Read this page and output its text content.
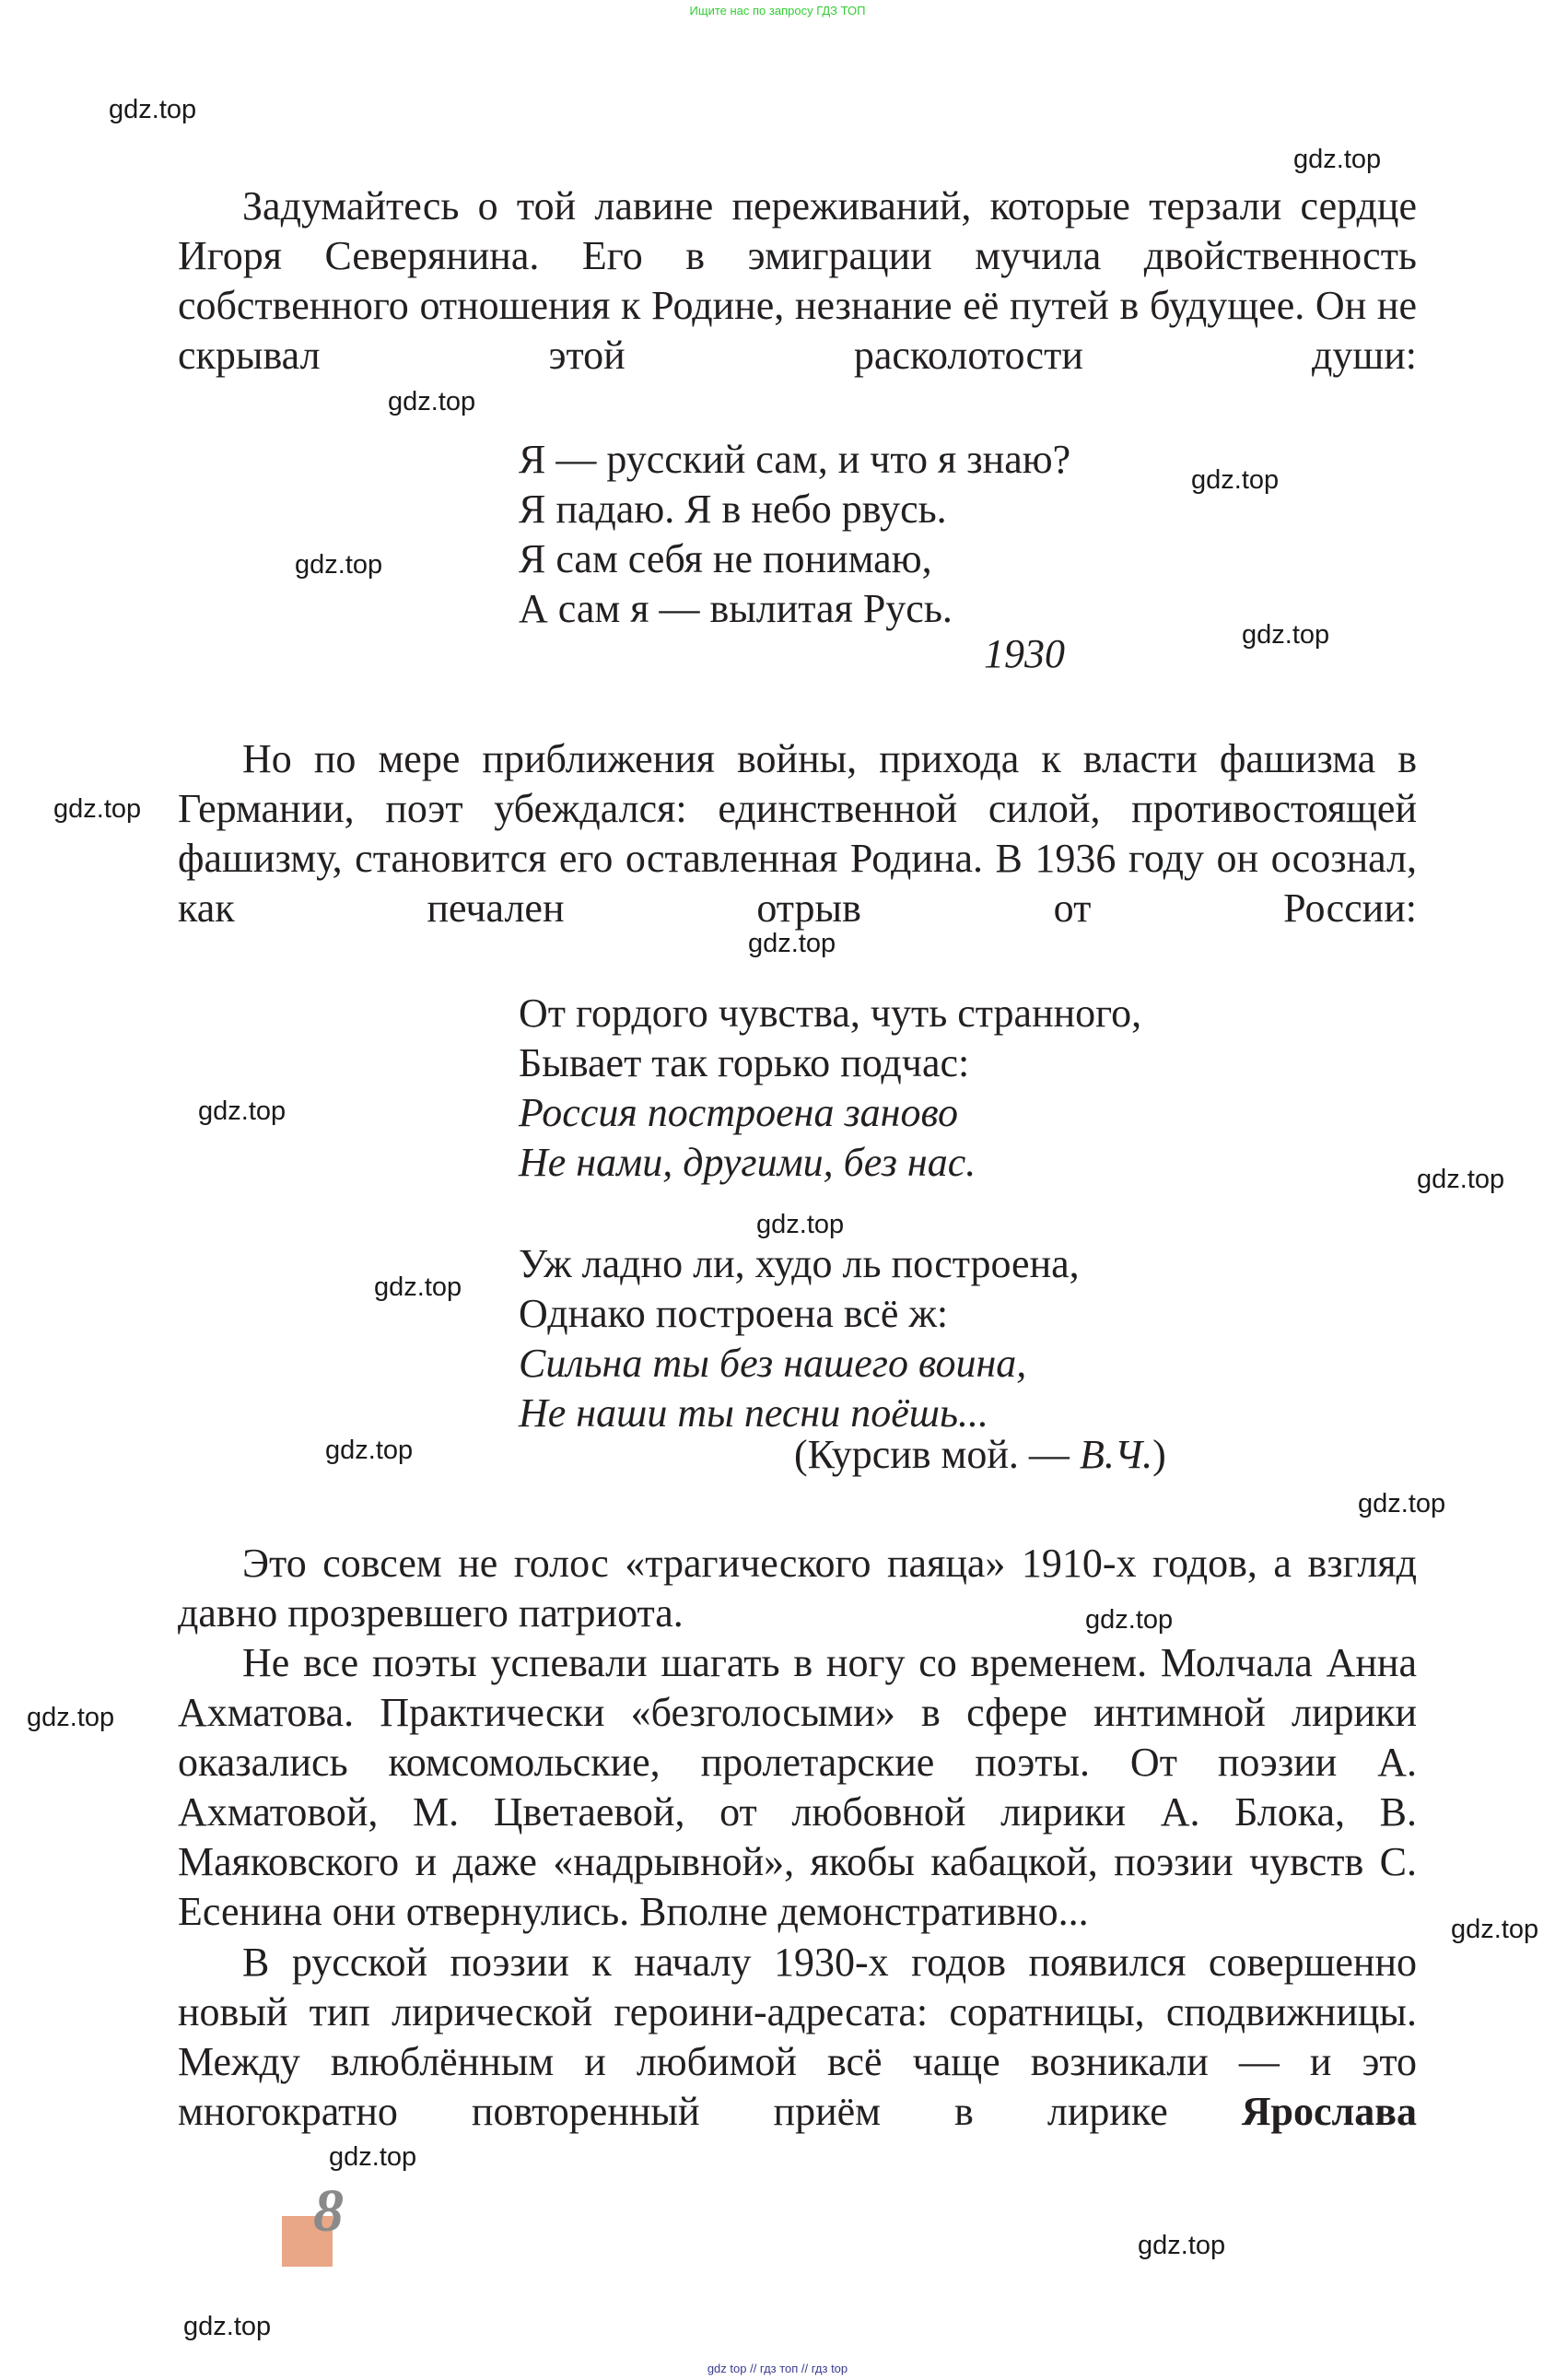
Ищите нас по запросу ГДЗ ТОП

Задумайтесь о той лавине переживаний, которые терзали сердце Игоря Северянина. Его в эмиграции мучила двойственность собственного отношения к Родине, незнание её путей в будущее. Он не скрывал этой расколотости души:

Я — русский сам, и что я знаю?
Я падаю. Я в небо рвусь.
Я сам себя не понимаю,
А сам я — вылитая Русь.
1930

Но по мере приближения войны, прихода к власти фашизма в Германии, поэт убеждался: единственной силой, противостоящей фашизму, становится его оставленная Родина. В 1936 году он осознал, как печален отрыв от России:

От гордого чувства, чуть странного,
Бывает так горько подчас:
Россия построена заново
Не нами, другими, без нас.
Уж ладно ли, худо ль построена,
Однако построена всё ж:
Сильна ты без нашего воина,
Не наши ты песни поёшь...
(Курсив мой. — В.Ч.)

Это совсем не голос «трагического паяца» 1910-х годов, а взгляд давно прозревшего патриота.

Не все поэты успевали шагать в ногу со временем. Молчала Анна Ахматова. Практически «безголосыми» в сфере интимной лирики оказались комсомольские, пролетарские поэты. От поэзии А. Ахматовой, М. Цветаевой, от любовной лирики А. Блока, В. Маяковского и даже «надрывной», якобы кабацкой, поэзии чувств С. Есенина они отвернулись. Вполне демонстративно...

В русской поэзии к началу 1930-х годов появился совершенно новый тип лирической героини-адресата: соратницы, сподвижницы. Между влюблённым и любимой всё чаще возникали — и это многократно повторенный приём в лирике Ярослава

8
gdz.top
gdz.top
gdz.top
gdz.top
gdz.top
gdz.top
gdz.top
gdz.top
gdz.top
gdz.top
gdz.top
gdz.top
gdz.top
gdz.top
gdz.top
gdz.top
gdz.top
gdz.top
gdz.top
gdz.top
gdz top // гдз топ // гдз top
